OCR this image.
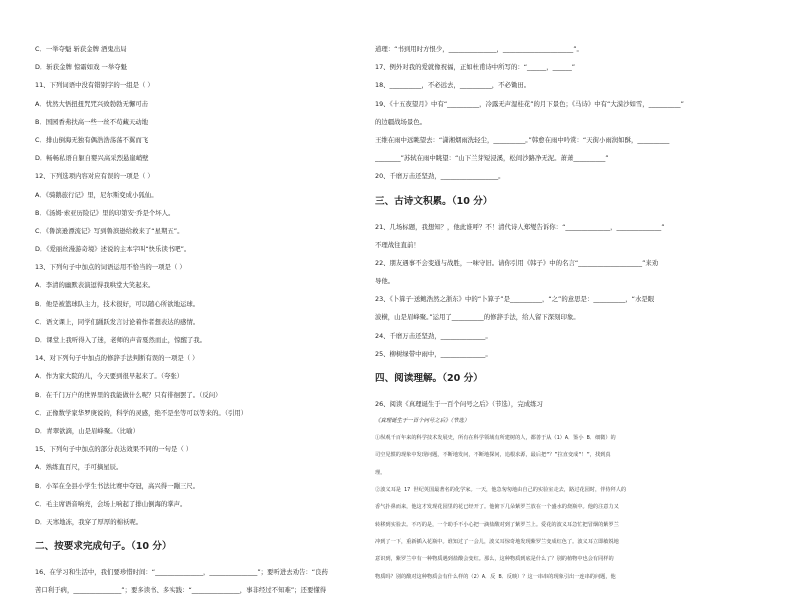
C．一举夺魁 斩获金牌 酒鬼出局
D．斩获金牌 惊霜如戏 一举夺魁
11、下列词语中没有错别字的一组是（ ）
A．忧然大悟扭扭咒咒兴致勃勃无懈可击
B．国园香弗扶高一些一丝不苟藏天动地
C．排山倒海无独有偶浩浩荡荡不翼而飞
D．畅畅私语自躯自婴兴高采烈悬崖峭壁
12、下列选项内容对应有误的一项是（ ）
A．《骑鹅旅行记》里，尼尔斯变成小狐仙。
B．《汤姆·索亚历险记》里的印第安·乔是个坏人。
C．《鲁滨逊漂流记》写到鲁滨逊给救来了“星期五”。
D．《爱丽丝漫游奇境》述说的主本字叫“快乐读书吧”。
13、下列句子中加点的词语运用不恰当的一项是（ ）
A．李清的幽默表演逗得我哄堂大笑起来。
B．他是被篮球队主力，技术很好，可以随心所欲地运球。
C．语文课上，同学们踊跃发言讨论着作者想表达的感情。
D．课堂上我听得入了迷，老师的声音戛然而止，惊醒了我。
14、对下列句子中加点的修辞手法判断有误的一项是（ ）
A．作为家大院的儿，今天要到很早起来了。（夸张）
B．在千门万户的世界里的我能做什么呢？只有徘徊罢了。（反问）
C．正像数学家华罗庚说的，科学的灵感，绝不是坐等可以等来的。（引用）
D．青翠欲滴，山是眉峰聚。（比喻）
15、下列句子中加点的部分表达效果不同的一句是（ ）
A．熟练直百尺，手可摘星辰。
B．小军在全县小学生书法比赛中夺冠，高兴得一蹦三尺。
C．毛主席语音响亮，会场上响起了排山倒海的掌声。
D．天寒地冻，我穿了厚厚的棉袄呢。
二、按要求完成句子。（10 分）
16、在学习和生活中，我们要珍惜时间：“_______________，_______________”；要听进去劝告：“良药
苦口利于病，_______________”；要多读书、多实践：“_______________，事非经过不知难”；还要懂得
道理：“书到用时方恨少，_______________，______________________”。
17、例外对我的爱就像祝福，正如杜甫诗中所写的：“______，______”
18、__________，不必远去，__________，不必锄田。
19、《十五夜望月》中有“__________，冷露无声湿桂花”的月下景色；《马诗》中有“大漠沙如雪，__________”
的边疆战场景色。
王维在雨中远眺望去：“潇湘烟雨洗轻尘，__________。”韩愈在雨中吟赏：“天街小雨润如酥，__________
________”苏轼在雨中眺望：“山下兰芽短浸溪，松间沙路净无泥。萧萧__________”
20、千磨万击还坚劲，__________________。
三、古诗文积累。（10 分）
21、几场标题，我想知？，他此谁呼？不！清代诗人郑燮告诉你：“______________，______________”
不理战往直前！
22、朋友遇事不会变通与战胜，一味守旧。请你引用《韩子》中的名言“____________________”来劝
导他。
23、《卜算子·送鲍浩然之浙东》中的“卜算子”是__________，“之”的意思是：__________，“水是眼
波横，山是眉峰聚。”运用了__________的修辞手法，给人留下深刻印象。
24、千磨万击还坚劲，______________。
25、柳树绿带中雨中，______________。
四、阅读理解。（20 分）
26、阅读《真理诞生于一百个问号之后》（节选），完成练习
《真理诞生于一百个问号之后》（节选）
①纵观千百年来的科学技术发展史，所有在科学领域有所建树的人，都善于从（1）A．鉴小 B．细微）的
司空见惯的现象中发现问题，不断地发问，不断地探问，追根求源，最后把“？”拉直变成“！”，找到真
理。
②波义耳是 17 世纪英国最著名的化学家。一天，他急匆匆地由自己的实验室走去，路过花园时，伴侍拜人的
香气扑鼻而来，他这才发现花园里的花已经开了。他俯下几朵紫罗兰放在一个盛水的烧瓶中。他的注意力又
转移到实验去。不巧的是，一个助手不小心把一滴盐酸对到了紫罗兰上。爱花的波义耳急忙把冒烟的紫罗兰
冲到了一下，重新插入花瓶中。谁知过了一会儿，波义耳惊奇地发现紫罗兰变成红色了。波义耳立即敏锐地
意识到，紫罗兰中有一种物质遇到盐酸会变红。那么，这种物质到底是什么了？别的植物中也会有同样的
物质吗？别的酸对这种物质会有什么样的（2）A．反 B．反映）？这一串串的现象引出一连串的问题，他
